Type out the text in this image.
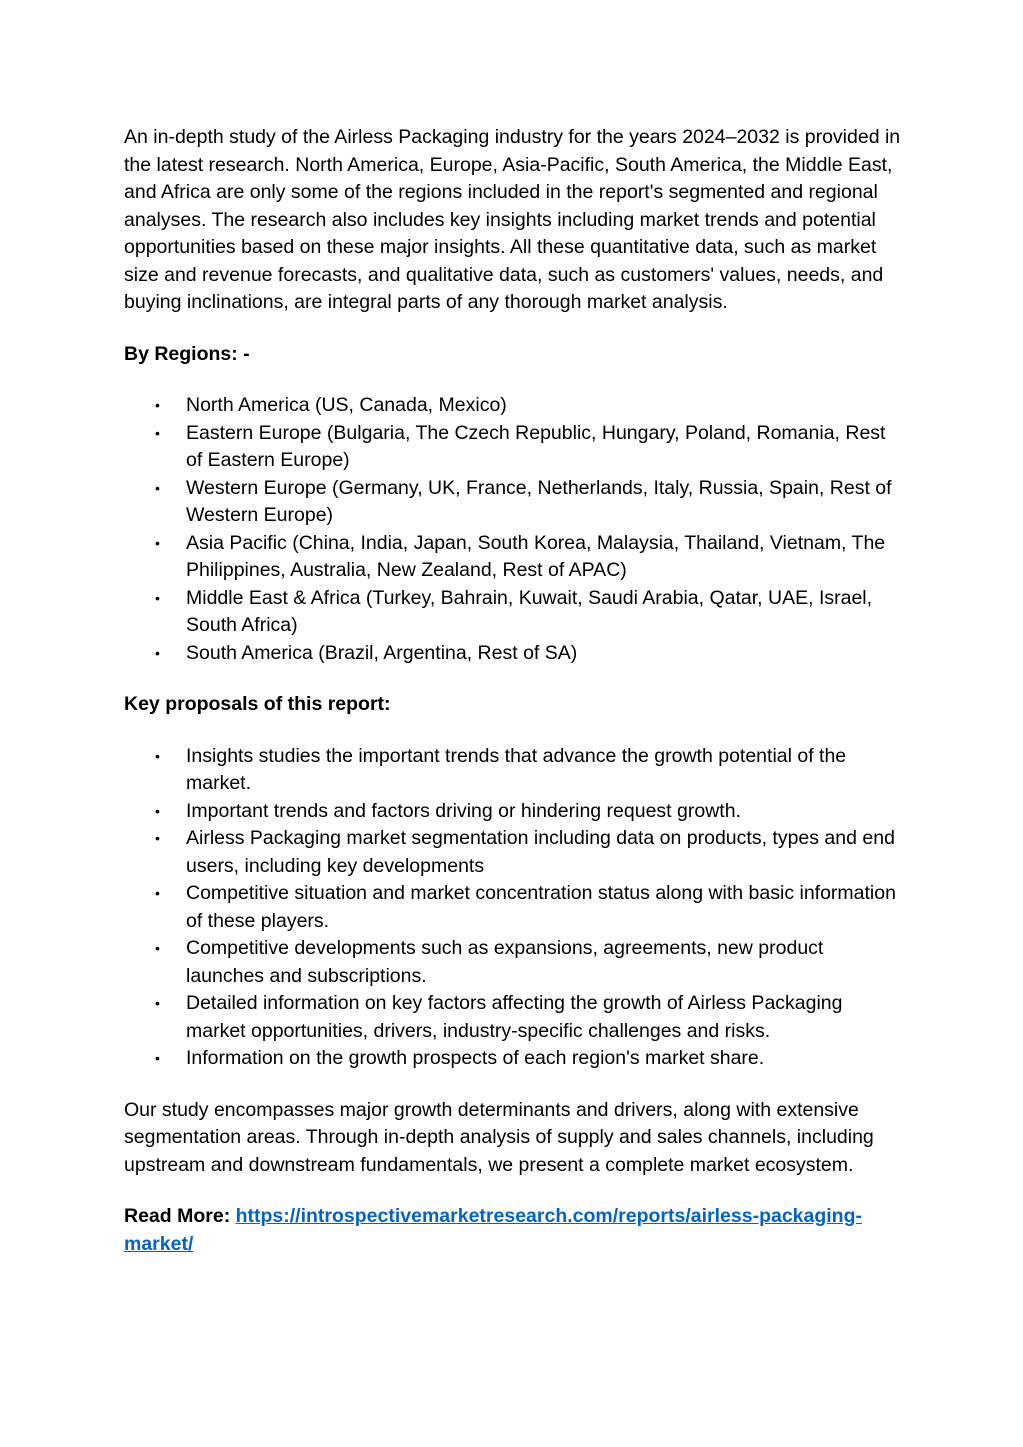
An in-depth study of the Airless Packaging industry for the years 2024–2032 is provided in the latest research. North America, Europe, Asia-Pacific, South America, the Middle East, and Africa are only some of the regions included in the report's segmented and regional analyses. The research also includes key insights including market trends and potential opportunities based on these major insights. All these quantitative data, such as market size and revenue forecasts, and qualitative data, such as customers' values, needs, and buying inclinations, are integral parts of any thorough market analysis.

By Regions: -

• North America (US, Canada, Mexico)
• Eastern Europe (Bulgaria, The Czech Republic, Hungary, Poland, Romania, Rest of Eastern Europe)
• Western Europe (Germany, UK, France, Netherlands, Italy, Russia, Spain, Rest of Western Europe)
• Asia Pacific (China, India, Japan, South Korea, Malaysia, Thailand, Vietnam, The Philippines, Australia, New Zealand, Rest of APAC)
• Middle East & Africa (Turkey, Bahrain, Kuwait, Saudi Arabia, Qatar, UAE, Israel, South Africa)
• South America (Brazil, Argentina, Rest of SA)

Key proposals of this report:

• Insights studies the important trends that advance the growth potential of the market.
• Important trends and factors driving or hindering request growth.
• Airless Packaging market segmentation including data on products, types and end users, including key developments
• Competitive situation and market concentration status along with basic information of these players.
• Competitive developments such as expansions, agreements, new product launches and subscriptions.
• Detailed information on key factors affecting the growth of Airless Packaging market opportunities, drivers, industry-specific challenges and risks.
• Information on the growth prospects of each region's market share.

Our study encompasses major growth determinants and drivers, along with extensive segmentation areas. Through in-depth analysis of supply and sales channels, including upstream and downstream fundamentals, we present a complete market ecosystem.

Read More: https://introspectivemarketresearch.com/reports/airless-packaging-market/
